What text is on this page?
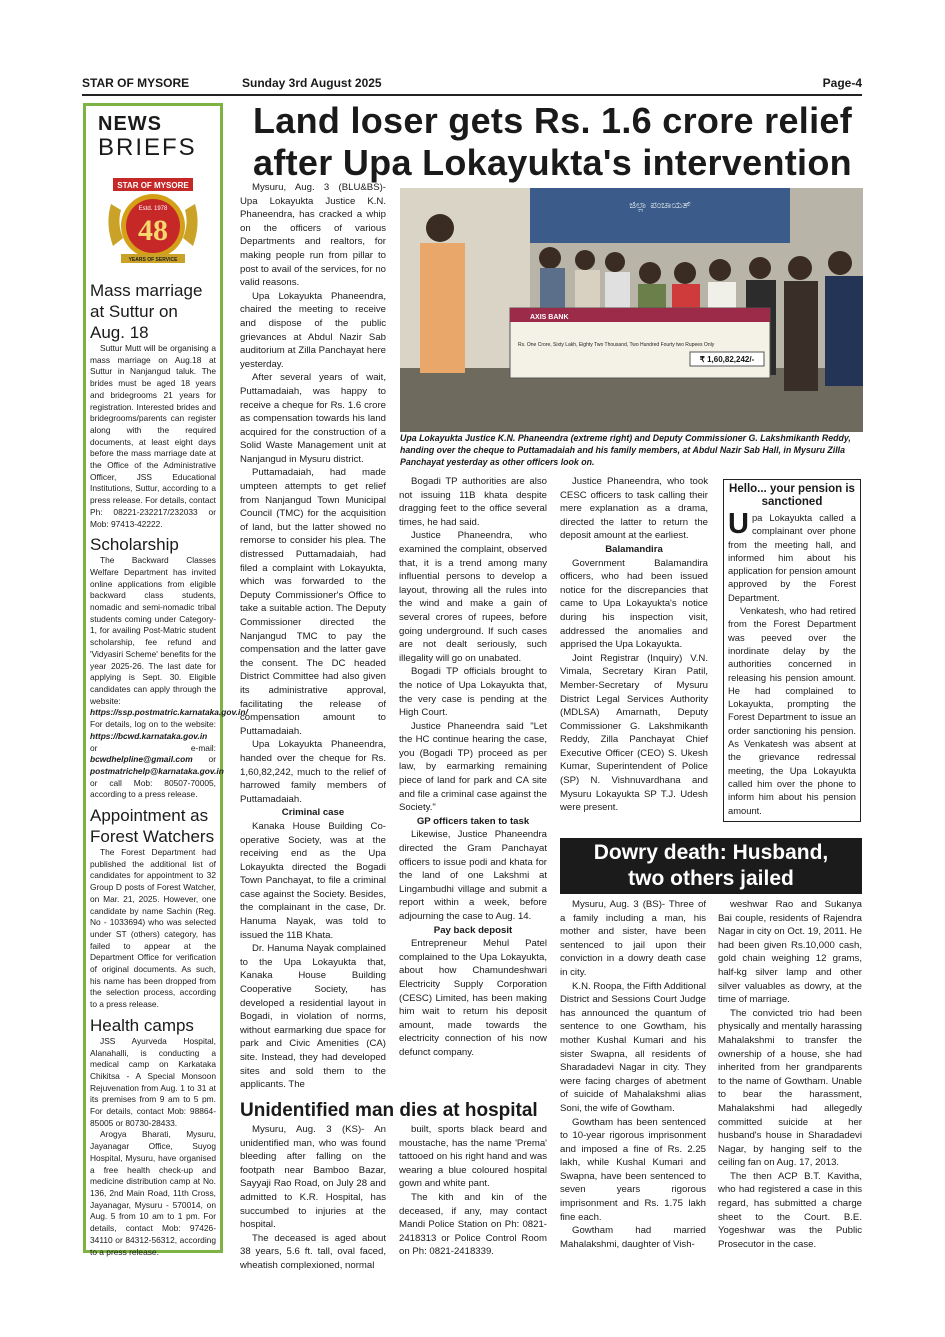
STAR OF MYSORE	Sunday 3rd August 2025	Page-4
NEWS
BRIEFS
STAR OF MYSORE
Estd. 1978
48
YEARS OF SERVICE
Mass marriage at Suttur on Aug. 18

Suttur Mutt will be organising a mass marriage on Aug.18 at Suttur in Nanjangud taluk. The brides must be aged 18 years and bridegrooms 21 years for registration. Interested brides and bridegrooms/parents can register along with the required documents, at least eight days before the mass marriage date at the Office of the Administrative Officer, JSS Educational Institutions, Suttur, according to a press release. For details, contact Ph: 08221-232217/232033 or Mob: 97413-42222.

Scholarship

The Backward Classes Welfare Department has invited online applications from eligible backward class students, nomadic and semi-nomadic tribal students coming under Category-1, for availing Post-Matric student scholarship, fee refund and 'Vidyasiri Scheme' benefits for the year 2025-26. The last date for applying is Sept. 30. Eligible candidates can apply through the website: https://ssp.postmatric.karnataka.gov.in/ For details, log on to the website: https://bcwd.karnataka.gov.in or e-mail: bcwdhelpline@gmail.com or postmatrichelp@karnataka.gov.in or call Mob: 80507-70005, according to a press release.

Appointment as Forest Watchers

The Forest Department had published the additional list of candidates for appointment to 32 Group D posts of Forest Watcher, on Mar. 21, 2025. However, one candidate by name Sachin (Reg. No - 1033694) who was selected under ST (others) category, has failed to appear at the Department Office for verification of original documents. As such, his name has been dropped from the selection process, according to a press release.

Health camps

JSS Ayurveda Hospital, Alanahalli, is conducting a medical camp on Karkataka Chikitsa - A Special Monsoon Rejuvenation from Aug. 1 to 31 at its premises from 9 am to 5 pm. For details, contact Mob: 98864-85005 or 80730-28433.

Arogya Bharati, Mysuru, Jayanagar Office, Suyog Hospital, Mysuru, have organised a free health check-up and medicine distribution camp at No. 136, 2nd Main Road, 11th Cross, Jayanagar, Mysuru - 570014, on Aug. 5 from 10 am to 1 pm. For details, contact Mob: 97426-34110 or 84312-56312, according to a press release.

Land loser gets Rs. 1.6 crore relief
after Upa Lokayukta's intervention

Mysuru, Aug. 3 (BLU&BS)- Upa Lokayukta Justice K.N. Phaneendra, has cracked a whip on the officers of various Departments and realtors, for making people run from pillar to post to avail of the services, for no valid reasons.

Upa Lokayukta Phaneendra, chaired the meeting to receive and dispose of the public grievances at Abdul Nazir Sab auditorium at Zilla Panchayat here yesterday.

After several years of wait, Puttamadaiah, was happy to receive a cheque for Rs. 1.6 crore as compensation towards his land acquired for the construction of a Solid Waste Management unit at Nanjangud in Mysuru district.

Puttamadaiah, had made umpteen attempts to get relief from Nanjangud Town Municipal Council (TMC) for the acquisition of land, but the latter showed no remorse to consider his plea. The distressed Puttamadaiah, had filed a complaint with Lokayukta, which was forwarded to the Deputy Commissioner's Office to take a suitable action. The Deputy Commissioner directed the Nanjangud TMC to pay the compensation and the latter gave the consent. The DC headed District Committee had also given its administrative approval, facilitating the release of compensation amount to Puttamadaiah.

Upa Lokayukta Phaneendra, handed over the cheque for Rs. 1,60,82,242, much to the relief of harrowed family members of Puttamadaiah.

Criminal case

Kanaka House Building Co-operative Society, was at the receiving end as the Upa Lokayukta directed the Bogadi Town Panchayat, to file a criminal case against the Society. Besides, the complainant in the case, Dr. Hanuma Nayak, was told to issued the 11B Khata.

Dr. Hanuma Nayak complained to the Upa Lokayukta that, Kanaka House Building Cooperative Society, has developed a residential layout in Bogadi, in violation of norms, without earmarking due space for park and Civic Amenities (CA) site. Instead, they had developed sites and sold them to the applicants. The

ಜಿಲ್ಲಾ ಪಂಚಾಯತ್
AXIS BANK
Rs. One Crore, Sixty Lakh, Eighty Two Thousand, Two Hundred Fourty two Rupees Only
₹ 1,60,82,242/-
Upa Lokayukta Justice K.N. Phaneendra (extreme right) and Deputy Commissioner G. Lakshmikanth Reddy, handing over the cheque to Puttamadaiah and his family members, at Abdul Nazir Sab Hall, in Mysuru Zilla Panchayat yesterday as other officers look on.

Bogadi TP authorities are also not issuing 11B khata despite dragging feet to the office several times, he had said.

Justice Phaneendra, who examined the complaint, observed that, it is a trend among many influential persons to develop a layout, throwing all the rules into the wind and make a gain of several crores of rupees, before going underground. If such cases are not dealt seriously, such illegality will go on unabated.

Bogadi TP officials brought to the notice of Upa Lokayukta that, the very case is pending at the High Court.

Justice Phaneendra said "Let the HC continue hearing the case, you (Bogadi TP) proceed as per law, by earmarking remaining piece of land for park and CA site and file a criminal case against the Society."

GP officers taken to task

Likewise, Justice Phaneendra directed the Gram Panchayat officers to issue podi and khata for the land of one Lakshmi at Lingambudhi village and submit a report within a week, before adjourning the case to Aug. 14.

Pay back deposit

Entrepreneur Mehul Patel complained to the Upa Lokayukta, about how Chamundeshwari Electricity Supply Corporation (CESC) Limited, has been making him wait to return his deposit amount, made towards the electricity connection of his now defunct company.

Justice Phaneendra, who took CESC officers to task calling their mere explanation as a drama, directed the latter to return the deposit amount at the earliest.

Balamandira

Government Balamandira officers, who had been issued notice for the discrepancies that came to Upa Lokayukta's notice during his inspection visit, addressed the anomalies and apprised the Upa Lokayukta.

Joint Registrar (Inquiry) V.N. Vimala, Secretary Kiran Patil, Member-Secretary of Mysuru District Legal Services Authority (MDLSA) Amarnath, Deputy Commissioner G. Lakshmikanth Reddy, Zilla Panchayat Chief Executive Officer (CEO) S. Ukesh Kumar, Superintendent of Police (SP) N. Vishnuvardhana and Mysuru Lokayukta SP T.J. Udesh were present.

Hello... your pension is sanctioned
U pa Lokayukta called a complainant over phone from the meeting hall, and informed him about his application for pension amount approved by the Forest Department.

Venkatesh, who had retired from the Forest Department was peeved over the inordinate delay by the authorities concerned in releasing his pension amount. He had complained to Lokayukta, prompting the Forest Department to issue an order sanctioning his pension. As Venkatesh was absent at the grievance redressal meeting, the Upa Lokayukta called him over the phone to inform him about his pension amount.

Dowry death: Husband,
two others jailed

Mysuru, Aug. 3 (BS)- Three of a family including a man, his mother and sister, have been sentenced to jail upon their conviction in a dowry death case in city.

K.N. Roopa, the Fifth Additional District and Sessions Court Judge has announced the quantum of sentence to one Gowtham, his mother Kushal Kumari and his sister Swapna, all residents of Sharadadevi Nagar in city. They were facing charges of abetment of suicide of Mahalakshmi alias Soni, the wife of Gowtham.

Gowtham has been sentenced to 10-year rigorous imprisonment and imposed a fine of Rs. 2.25 lakh, while Kushal Kumari and Swapna, have been sentenced to seven years rigorous imprisonment and Rs. 1.75 lakh fine each.

Gowtham had married Mahalakshmi, daughter of Vish-

weshwar Rao and Sukanya Bai couple, residents of Rajendra Nagar in city on Oct. 19, 2011. He had been given Rs.10,000 cash, gold chain weighing 12 grams, half-kg silver lamp and other silver valuables as dowry, at the time of marriage.

The convicted trio had been physically and mentally harassing Mahalakshmi to transfer the ownership of a house, she had inherited from her grandparents to the name of Gowtham. Unable to bear the harassment, Mahalakshmi had allegedly committed suicide at her husband's house in Sharadadevi Nagar, by hanging self to the ceiling fan on Aug. 17, 2013.

The then ACP B.T. Kavitha, who had registered a case in this regard, has submitted a charge sheet to the Court. B.E. Yogeshwar was the Public Prosecutor in the case.

Unidentified man dies at hospital

Mysuru, Aug. 3 (KS)- An unidentified man, who was found bleeding after falling on the footpath near Bamboo Bazar, Sayyaji Rao Road, on July 28 and admitted to K.R. Hospital, has succumbed to injuries at the hospital.

The deceased is aged about 38 years, 5.6 ft. tall, oval faced, wheatish complexioned, normal

built, sports black beard and moustache, has the name 'Prema' tattooed on his right hand and was wearing a blue coloured hospital gown and white pant.

The kith and kin of the deceased, if any, may contact Mandi Police Station on Ph: 0821-2418313 or Police Control Room on Ph: 0821-2418339.
